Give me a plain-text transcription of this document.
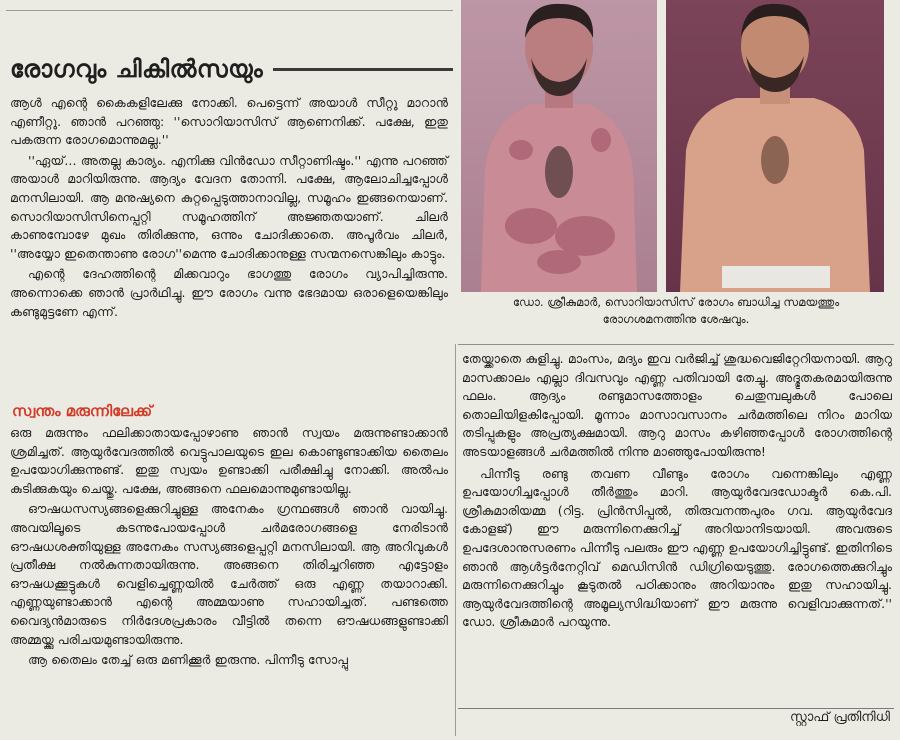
രോഗവും ചികിൽസയും

ആൾ എന്റെ കൈകളിലേക്കു നോക്കി. പെട്ടെന്ന് അയാൾ സീറ്റു മാറാൻ എണീറ്റു. ഞാൻ പറഞ്ഞു: ''സൊറിയാസിസ് ആണെനിക്ക്. പക്ഷേ, ഇതു പകരുന്ന രോഗമൊന്നുമല്ല.''

''ഏയ്... അതല്ല കാര്യം. എനിക്കു വിൻഡോ സീറ്റാണിഷ്ടം.'' എന്നു പറഞ്ഞ് അയാൾ മാറിയിരുന്നു. ആദ്യം വേദന തോന്നി. പക്ഷേ, ആലോചിച്ചപ്പോൾ മനസിലായി. ആ മനുഷ്യനെ കുറ്റപ്പെടുത്താനാവില്ല, സമൂഹം ഇങ്ങനെയാണ്. സൊറിയാസിസിനെപ്പറ്റി സമൂഹത്തിന് അജ്ഞതയാണ്. ചിലർ കാണുമ്പോഴേ മുഖം തിരിക്കുന്നു, ഒന്നും ചോദിക്കാതെ. അപൂർവം ചിലർ, ''അയ്യോ ഇതെന്താണു രോഗ''മെന്നു ചോദിക്കാനുള്ള സന്മനസെങ്കിലും കാട്ടും.

എന്റെ ദേഹത്തിന്റെ മിക്കവാറും ഭാഗത്തു രോഗം വ്യാപിച്ചിരുന്നു. അന്നൊക്കെ ഞാൻ പ്രാർഥിച്ചു. ഈ രോഗം വന്നു ഭേദമായ ഒരാളെയെങ്കിലും കണ്ടുമുട്ടണേ എന്ന്.

സ്വന്തം മരുന്നിലേക്ക്

ഒരു മരുന്നും ഫലിക്കാതായപ്പോഴാണു ഞാൻ സ്വയം മരുന്നുണ്ടാക്കാൻ ശ്രമിച്ചത്. ആയുർവേദത്തിൽ വെട്ടുപാലയുടെ ഇല കൊണ്ടുണ്ടാക്കിയ തൈലം ഉപയോഗിക്കുന്നുണ്ട്. ഇതു സ്വയം ഉണ്ടാക്കി പരീക്ഷിച്ചു നോക്കി. അൽപം കുടിക്കുകയും ചെയ്തു. പക്ഷേ, അങ്ങനെ ഫലമൊന്നുമുണ്ടായില്ല.

ഔഷധസസ്യങ്ങളെക്കുറിച്ചുള്ള അനേകം ഗ്രന്ഥങ്ങൾ ഞാൻ വായിച്ചു. അവയിലൂടെ കടന്നുപോയപ്പോൾ ചർമരോഗങ്ങളെ നേരിടാൻ ഔഷധശക്തിയുള്ള അനേകം സസ്യങ്ങളെപ്പറ്റി മനസിലായി. ആ അറിവുകൾ പ്രതീക്ഷ നൽകുന്നതായിരുന്നു. അങ്ങനെ തിരിച്ചറിഞ്ഞ എട്ടോളം ഔഷധക്കൂട്ടുകൾ വെളിച്ചെണ്ണയിൽ ചേർത്ത് ഒരു എണ്ണ തയാറാക്കി. എണ്ണയുണ്ടാക്കാൻ എന്റെ അമ്മയാണു സഹായിച്ചത്. പണ്ടത്തെ വൈദ്യൻമാരുടെ നിർദേശപ്രകാരം വീട്ടിൽ തന്നെ ഔഷധങ്ങളുണ്ടാക്കി അമ്മയ്ക്കു പരിചയമുണ്ടായിരുന്നു.

ആ തൈലം തേച്ച് ഒരു മണിക്കൂർ ഇരുന്നു. പിന്നീടു സോപ്പു

ഡോ. ശ്രീകുമാർ, സൊറിയാസിസ് രോഗം ബാധിച്ച സമയത്തും
രോഗശമനത്തിനു ശേഷവും.

തേയ്ക്കാതെ കുളിച്ചു. മാംസം, മദ്യം ഇവ വർജിച്ച് ശുദ്ധവെജിറ്റേറിയനായി. ആറു മാസക്കാലം എല്ലാ ദിവസവും എണ്ണ പതിവായി തേച്ചു. അദ്ഭുതകരമായിരുന്നു ഫലം. ആദ്യം രണ്ടുമാസത്തോളം ചെതുമ്പലുകൾ പോലെ തൊലിയിളകിപ്പോയി. മൂന്നാം മാസാവസാനം ചർമത്തിലെ നിറം മാറിയ തടിപ്പുകളും അപ്രത്യക്ഷമായി. ആറു മാസം കഴിഞ്ഞപ്പോൾ രോഗത്തിന്റെ അടയാളങ്ങൾ ചർമത്തിൽ നിന്നു മാഞ്ഞുപോയിരുന്നു!

പിന്നീടു രണ്ടു തവണ വീണ്ടും രോഗം വന്നെങ്കിലും എണ്ണ ഉപയോഗിച്ചപ്പോൾ തീർത്തും മാറി. ആയുർവേദഡോക്ടർ കെ.പി. ശ്രീകുമാരിയമ്മ (റിട്ട. പ്രിൻസിപ്പൽ, തിരുവനന്തപുരം ഗവ. ആയുർവേദ കോളജ്) ഈ മരുന്നിനെക്കുറിച്ച് അറിയാനിടയായി. അവരുടെ ഉപദേശാനുസരണം പിന്നീടു പലരും ഈ എണ്ണ ഉപയോഗിച്ചിട്ടുണ്ട്. ഇതിനിടെ ഞാൻ ആൾട്ടർനേറ്റിവ് മെഡിസിൻ ഡിഗ്രിയെടുത്തു. രോഗത്തെക്കുറിച്ചും മരുന്നിനെക്കുറിച്ചും കൂടുതൽ പഠിക്കാനും അറിയാനും ഇതു സഹായിച്ചു. ആയുർവേദത്തിന്റെ അമൂല്യസിദ്ധിയാണ് ഈ മരുന്നു വെളിവാക്കുന്നത്.'' ഡോ. ശ്രീകുമാർ പറയുന്നു.

സ്റ്റാഫ് പ്രതിനിധി
